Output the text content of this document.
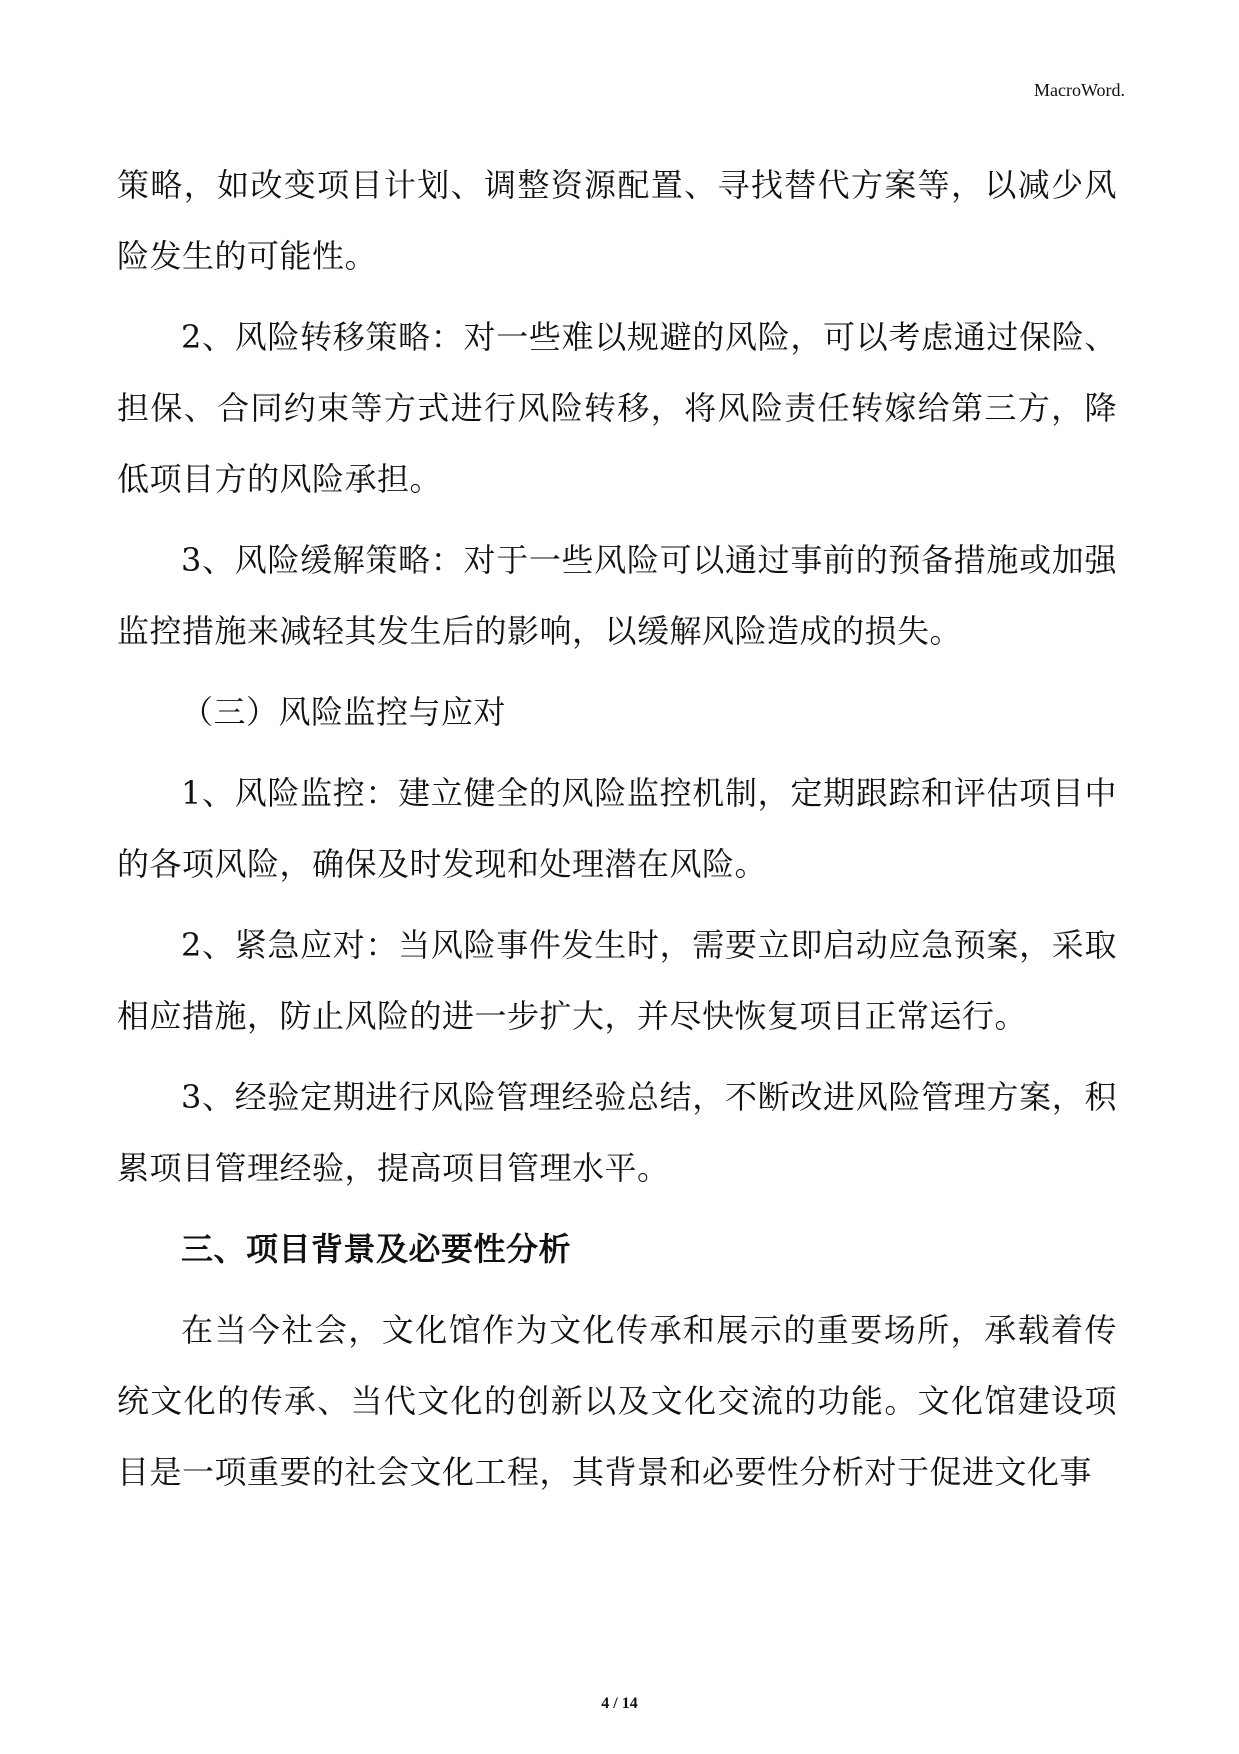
MacroWord.

策略，如改变项目计划、调整资源配置、寻找替代方案等，以减少风险发生的可能性。

2、风险转移策略：对一些难以规避的风险，可以考虑通过保险、担保、合同约束等方式进行风险转移，将风险责任转嫁给第三方，降低项目方的风险承担。

3、风险缓解策略：对于一些风险可以通过事前的预备措施或加强监控措施来减轻其发生后的影响，以缓解风险造成的损失。

（三）风险监控与应对

1、风险监控：建立健全的风险监控机制，定期跟踪和评估项目中的各项风险，确保及时发现和处理潜在风险。

2、紧急应对：当风险事件发生时，需要立即启动应急预案，采取相应措施，防止风险的进一步扩大，并尽快恢复项目正常运行。

3、经验定期进行风险管理经验总结，不断改进风险管理方案，积累项目管理经验，提高项目管理水平。

三、项目背景及必要性分析

在当今社会，文化馆作为文化传承和展示的重要场所，承载着传统文化的传承、当代文化的创新以及文化交流的功能。文化馆建设项目是一项重要的社会文化工程，其背景和必要性分析对于促进文化事

4 / 14
